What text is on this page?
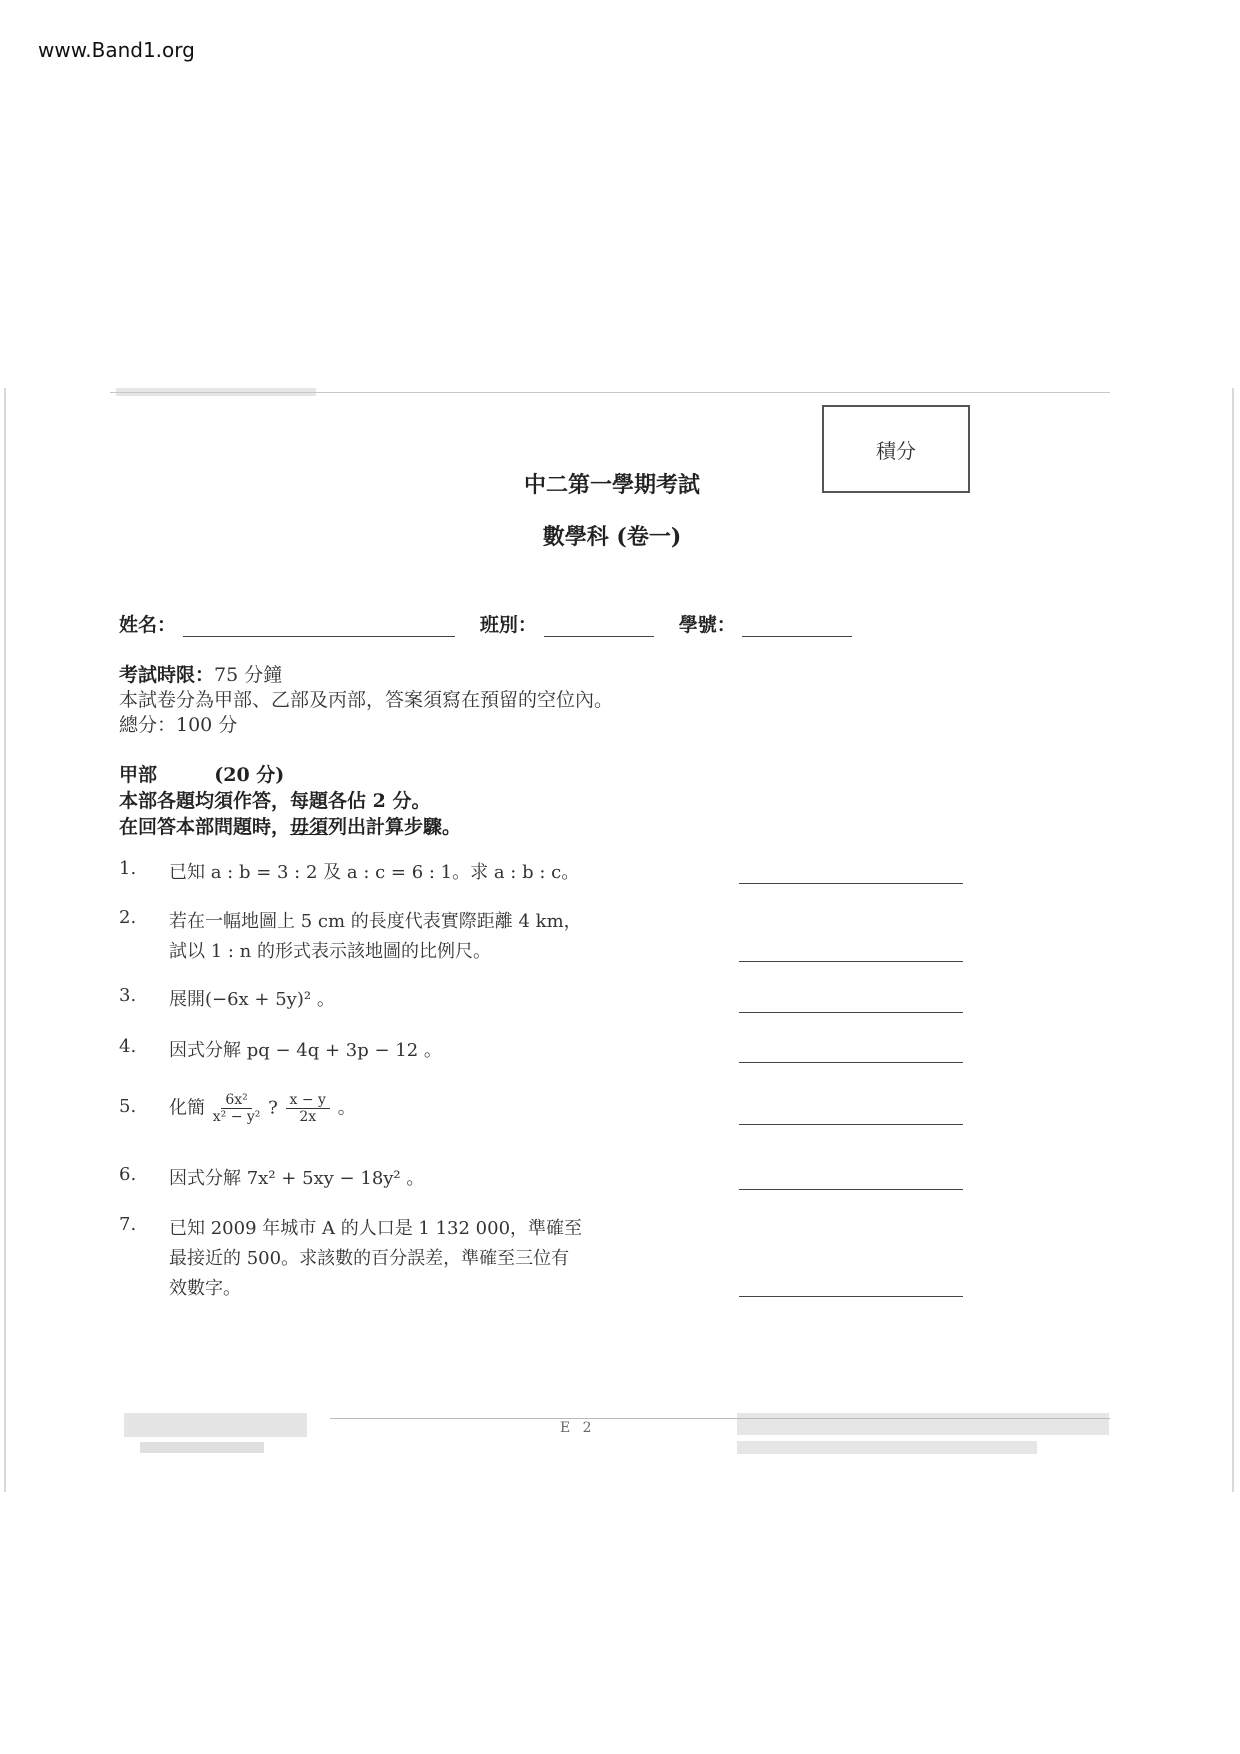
www.Band1.org
積分
中二第一學期考試
數學科 (卷一)
姓名：	班別：	學號：
考試時限：75 分鐘
本試卷分為甲部、乙部及丙部，答案須寫在預留的空位內。
總分：100 分
甲部	(20 分)
本部各題均須作答，每題各佔 2 分。
在回答本部問題時，毋須列出計算步驟。
1.	已知 a : b = 3 : 2 及 a : c = 6 : 1。求 a : b : c。
2.	若在一幅地圖上 5 cm 的長度代表實際距離 4 km，
試以 1 : n 的形式表示該地圖的比例尺。
3.	展開(−6x + 5y)² 。
4.	因式分解 pq − 4q + 3p − 12 。
5.	化簡 $\frac{\text{6x²}}{\text{x² − y²}}$ ? $\frac{x - y}{2x}$ 。
6.	因式分解 7x² + 5xy − 18y² 。
7.	已知 2009 年城市 A 的人口是 1 132 000，準確至
最接近的 500。求該數的百分誤差，準確至三位有
效數字。
E 2
